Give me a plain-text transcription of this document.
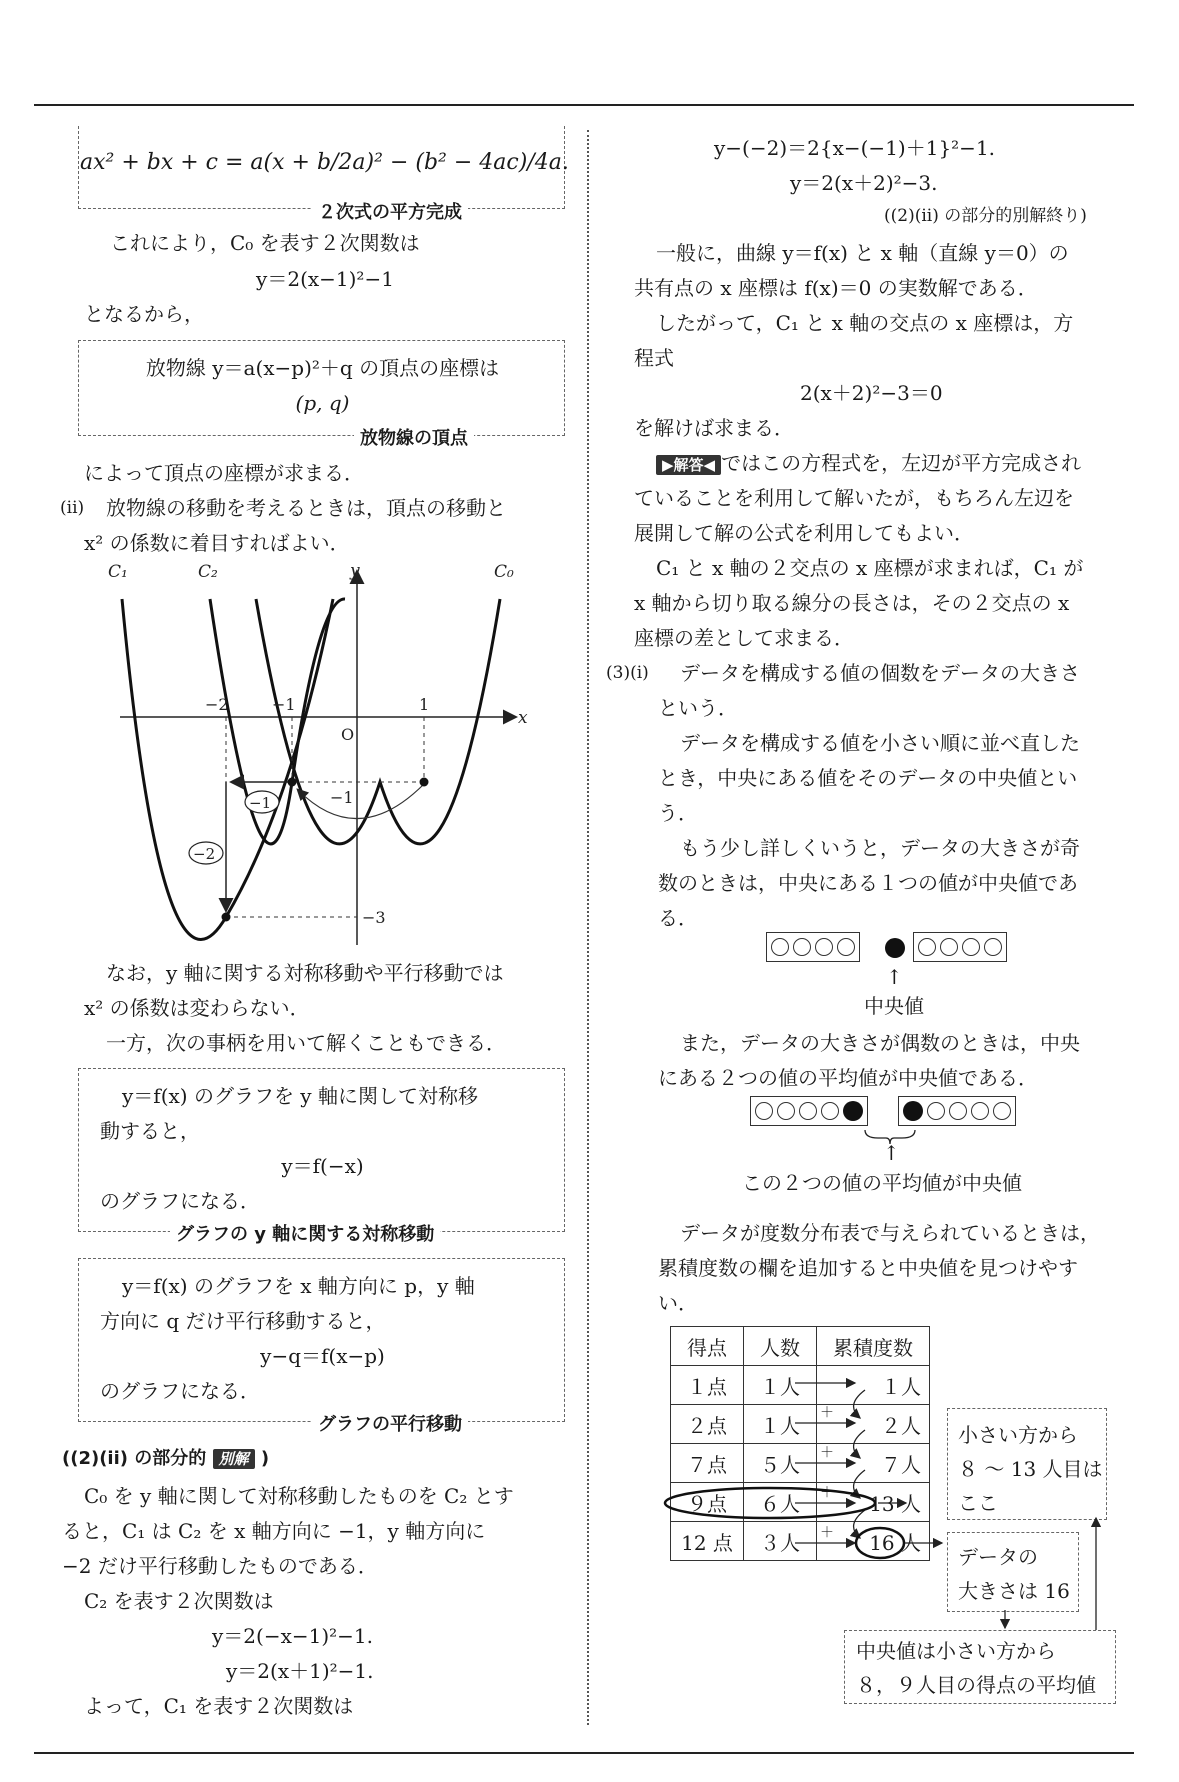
ax² + bx + c = a(x + b/2a)² − (b² − 4ac)/4a.
２次式の平方完成
これにより，C₀ を表す２次関数は
y＝2(x−1)²−1
となるから，
放物線 y＝a(x−p)²＋q の頂点の座標は
(p, q)
放物線の頂点
によって頂点の座標が求まる．
(ii) 放物線の移動を考えるときは，頂点の移動と
x² の係数に着目すればよい．
C₁	C₂	C₀
y
x
O
−2	−1	1
−1
−3
−1
−2
なお，y 軸に関する対称移動や平行移動では
x² の係数は変わらない．
一方，次の事柄を用いて解くこともできる．
y＝f(x) のグラフを y 軸に関して対称移
動すると，
y＝f(−x)
のグラフになる．
グラフの y 軸に関する対称移動
y＝f(x) のグラフを x 軸方向に p，y 軸
方向に q だけ平行移動すると，
y−q＝f(x−p)
のグラフになる．
グラフの平行移動
((2)(ii) の部分的 別解 )
C₀ を y 軸に関して対称移動したものを C₂ とす
ると，C₁ は C₂ を x 軸方向に −1，y 軸方向に
−2 だけ平行移動したものである．
C₂ を表す２次関数は
y＝2(−x−1)²−1.
y＝2(x＋1)²−1.
よって，C₁ を表す２次関数は
y−(−2)＝2{x−(−1)＋1}²−1.
y＝2(x＋2)²−3.
((2)(ii) の部分的別解終り)
一般に，曲線 y＝f(x) と x 軸（直線 y＝0）の
共有点の x 座標は f(x)＝0 の実数解である．
したがって，C₁ と x 軸の交点の x 座標は，方
程式
2(x＋2)²−3＝0
を解けば求まる．
▶解答◀ ではこの方程式を，左辺が平方完成され
ていることを利用して解いたが，もちろん左辺を
展開して解の公式を利用してもよい．
C₁ と x 軸の２交点の x 座標が求まれば，C₁ が
x 軸から切り取る線分の長さは，その２交点の x
座標の差として求まる．
(3)(i) データを構成する値の個数をデータの大きさ
という．
データを構成する値を小さい順に並べ直した
とき，中央にある値をそのデータの中央値とい
う．
もう少し詳しくいうと，データの大きさが奇
数のときは，中央にある１つの値が中央値であ
る．
↑
中央値
また，データの大きさが偶数のときは，中央
にある２つの値の平均値が中央値である．
↑
この２つの値の平均値が中央値
データが度数分布表で与えられているときは，
累積度数の欄を追加すると中央値を見つけやす
い．
得点	人数	累積度数
１点	１人	１人
２点	１人	２人
７点	５人	７人
９点	６人	13 人
12 点	３人	16 人
＋
＋
＋
＋
小さい方から
８ ～ 13 人目は
ここ
データの
大きさは 16
中央値は小さい方から
８，９人目の得点の平均値
